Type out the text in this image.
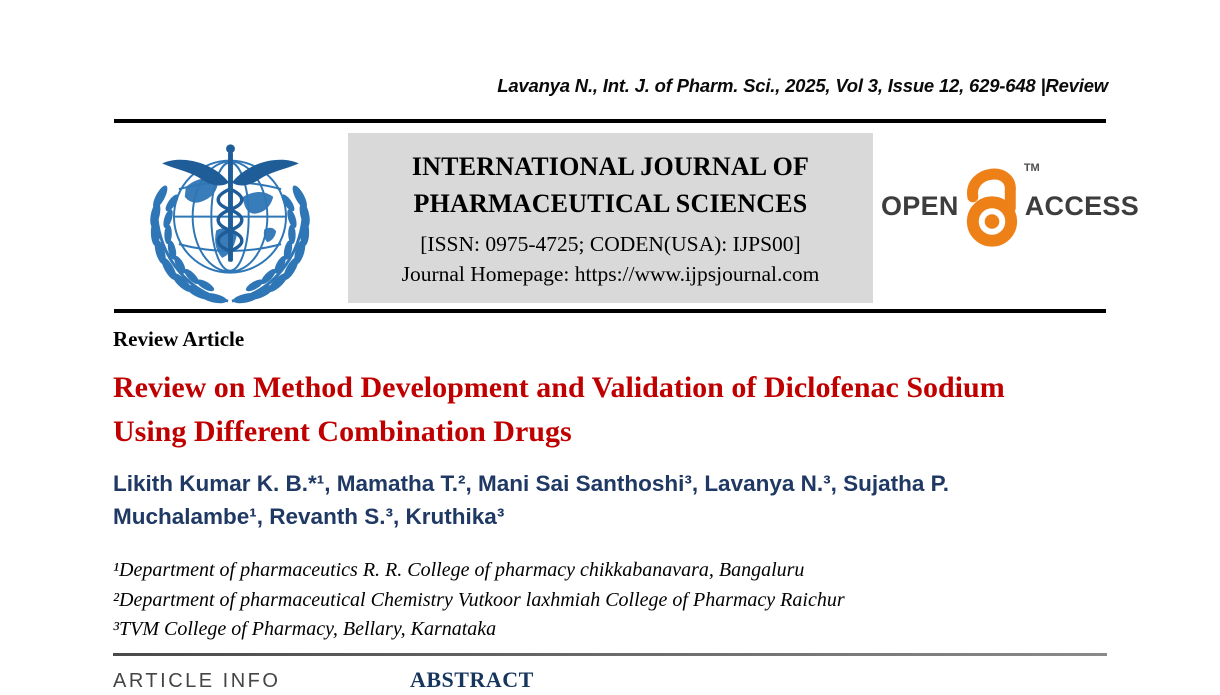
Lavanya N., Int. J. of Pharm. Sci., 2025, Vol 3, Issue 12, 629-648 |Review
INTERNATIONAL JOURNAL OF
PHARMACEUTICAL SCIENCES
[ISSN: 0975-4725; CODEN(USA): IJPS00]
Journal Homepage: https://www.ijpsjournal.com
OPEN
TM
ACCESS
Review Article
Review on Method Development and Validation of Diclofenac Sodium Using Different Combination Drugs
Likith Kumar K. B.*¹, Mamatha T.², Mani Sai Santhoshi³, Lavanya N.³, Sujatha P. Muchalambe¹, Revanth S.³, Kruthika³
¹Department of pharmaceutics R. R. College of pharmacy chikkabanavara, Bangaluru
²Department of pharmaceutical Chemistry Vutkoor laxhmiah College of Pharmacy Raichur
³TVM College of Pharmacy, Bellary, Karnataka
ARTICLE INFO	ABSTRACT
